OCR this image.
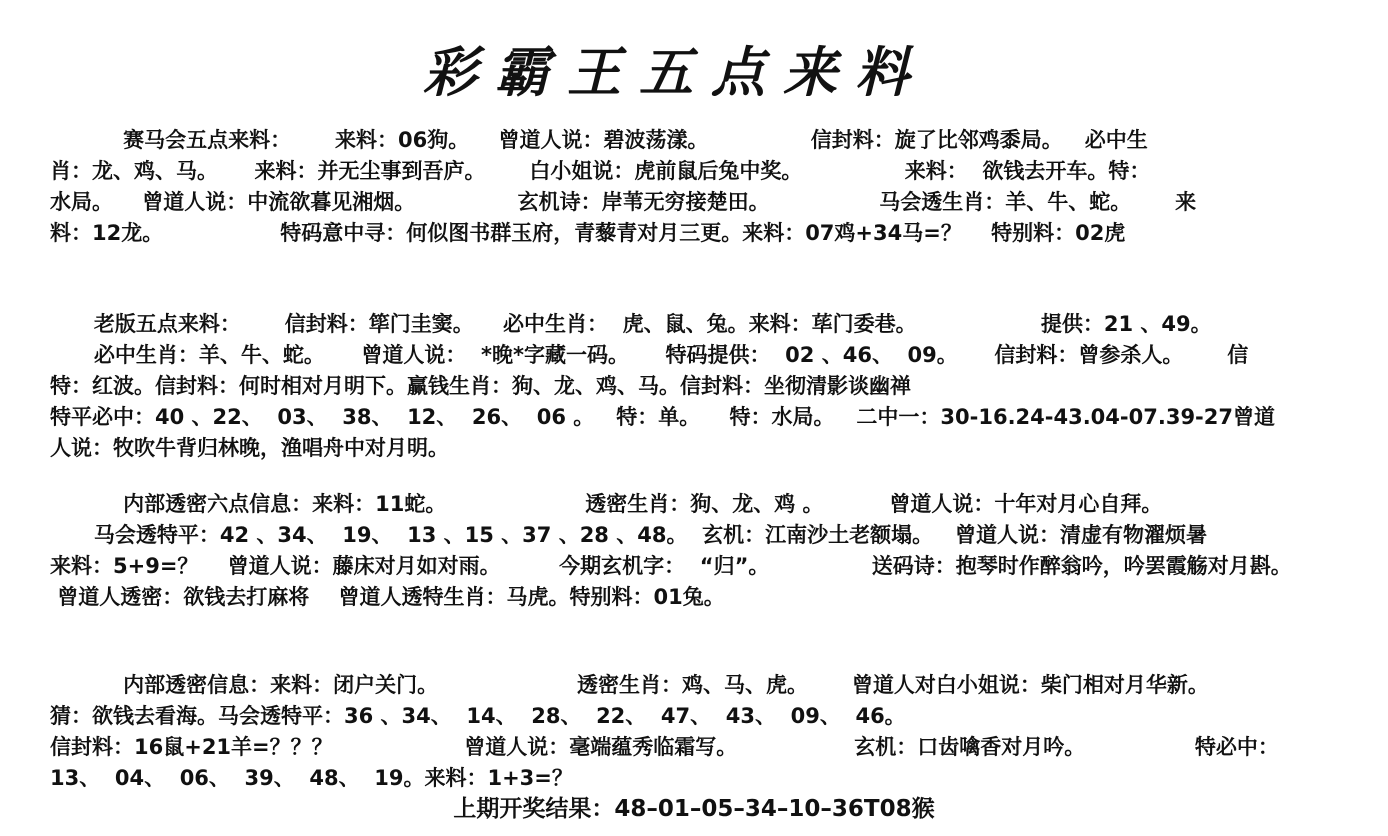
彩霸王五点来料
赛马会五点来料：      来料：06狗。    曾道人说：碧波荡漾。              信封料：旋了比邻鸡黍局。   必中生
肖：龙、鸡、马。     来料：并无尘事到吾庐。      白小姐说：虎前鼠后兔中奖。              来料：  欲钱去开车。特：
水局。    曾道人说：中流欲暮见湘烟。              玄机诗：岸苇无穷接楚田。               马会透生肖：羊、牛、蛇。      来
料：12龙。                特码意中寻：何似图书群玉府，青藜青对月三更。来料：07鸡+34马=？    特别料：02虎
老版五点来料：      信封料：筚门圭窦。    必中生肖：  虎、鼠、兔。来料：荜门委巷。                 提供：21 、49。
必中生肖：羊、牛、蛇。     曾道人说：  *晚*字藏一码。     特码提供：  02 、46、  09。     信封料：曾参杀人。      信
特：红波。信封料：何时相对月明下。赢钱生肖：狗、龙、鸡、马。信封料：坐彻清影谈幽禅
特平必中：40 、22、  03、  38、  12、  26、  06 。   特：单。    特：水局。   二中一：30-16.24-43.04-07.39-27曾道
人说：牧吹牛背归林晚，渔唱舟中对月明。
内部透密六点信息：来料：11蛇。                   透密生肖：狗、龙、鸡 。         曾道人说：十年对月心自拜。
马会透特平：42 、34、  19、  13 、15 、37 、28 、48。  玄机：江南沙土老额塌。   曾道人说：清虚有物濯烦暑
来料：5+9=？    曾道人说：藤床对月如对雨。        今期玄机字：  “归”。              送码诗：抱琴时作醉翁吟，吟罢霞觞对月斟。
曾道人透密：欲钱去打麻将    曾道人透特生肖：马虎。特别料：01兔。
内部透密信息：来料：闭户关门。                   透密生肖：鸡、马、虎。      曾道人对白小姐说：柴门相对月华新。
猜：欲钱去看海。马会透特平：36 、34、  14、  28、  22、  47、  43、  09、  46。
信封料：16鼠+21羊=？？？                  曾道人说：毫端蕴秀临霜写。                玄机：口齿噙香对月吟。               特必中：
13、  04、  06、  39、  48、  19。来料：1+3=？
上期开奖结果：48–01–05–34–10–36T08猴
